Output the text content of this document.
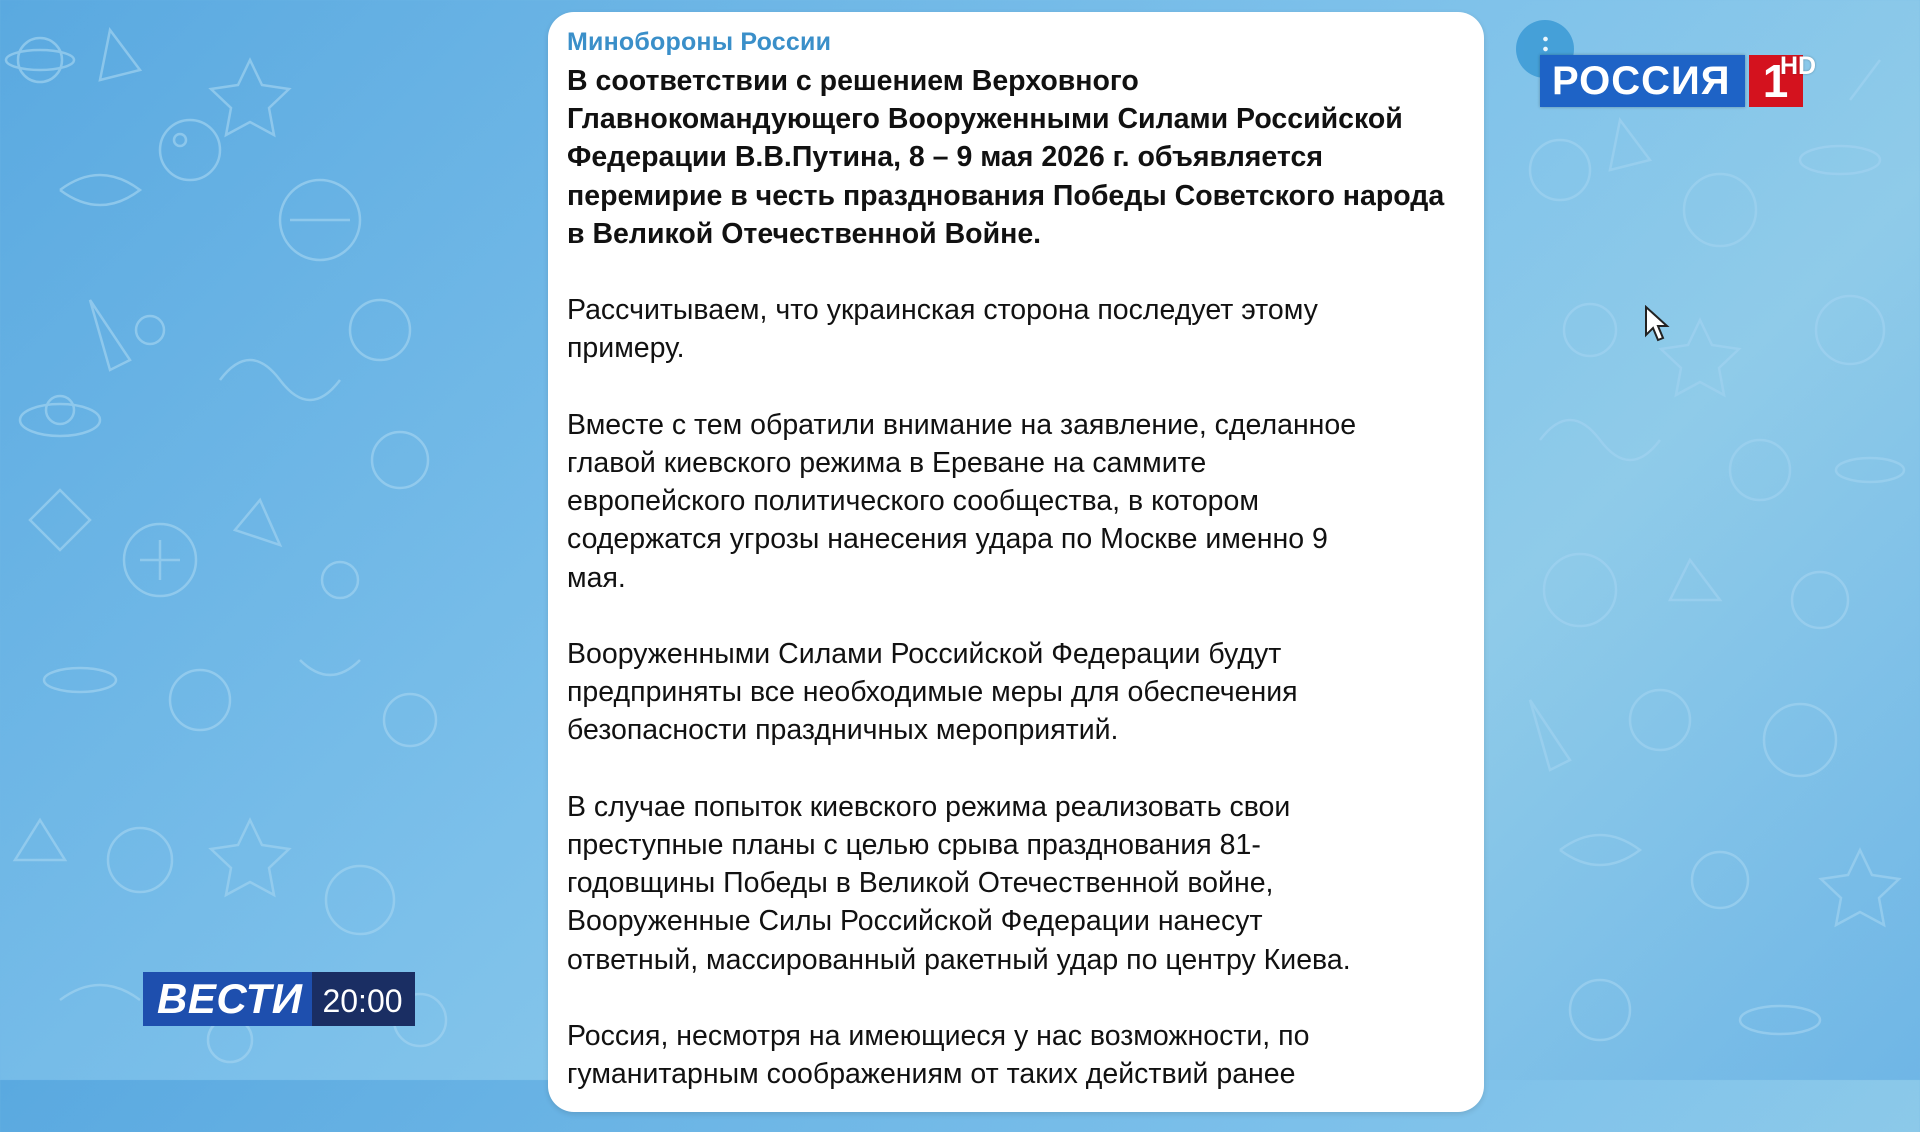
Минобороны России

В соответствии с решением Верховного
Главнокомандующего Вооруженными Силами Российской
Федерации В.В.Путина, 8 – 9 мая 2026 г. объявляется
перемирие в честь празднования Победы Советского народа
в Великой Отечественной Войне.

Рассчитываем, что украинская сторона последует этому
примеру.

Вместе с тем обратили внимание на заявление, сделанное
главой киевского режима в Ереване на саммите
европейского политического сообщества, в котором
содержатся угрозы нанесения удара по Москве именно 9
мая.

Вооруженными Силами Российской Федерации будут
предприняты все необходимые меры для обеспечения
безопасности праздничных мероприятий.

В случае попыток киевского режима реализовать свои
преступные планы с целью срыва празднования 81-
годовщины Победы в Великой Отечественной войне,
Вооруженные Силы Российской Федерации нанесут
ответный, массированный ракетный удар по центру Киева.

Россия, несмотря на имеющиеся у нас возможности, по
гуманитарным соображениям от таких действий ранее

РОССИЯ 1
HD
ВЕСТИ 20:00
